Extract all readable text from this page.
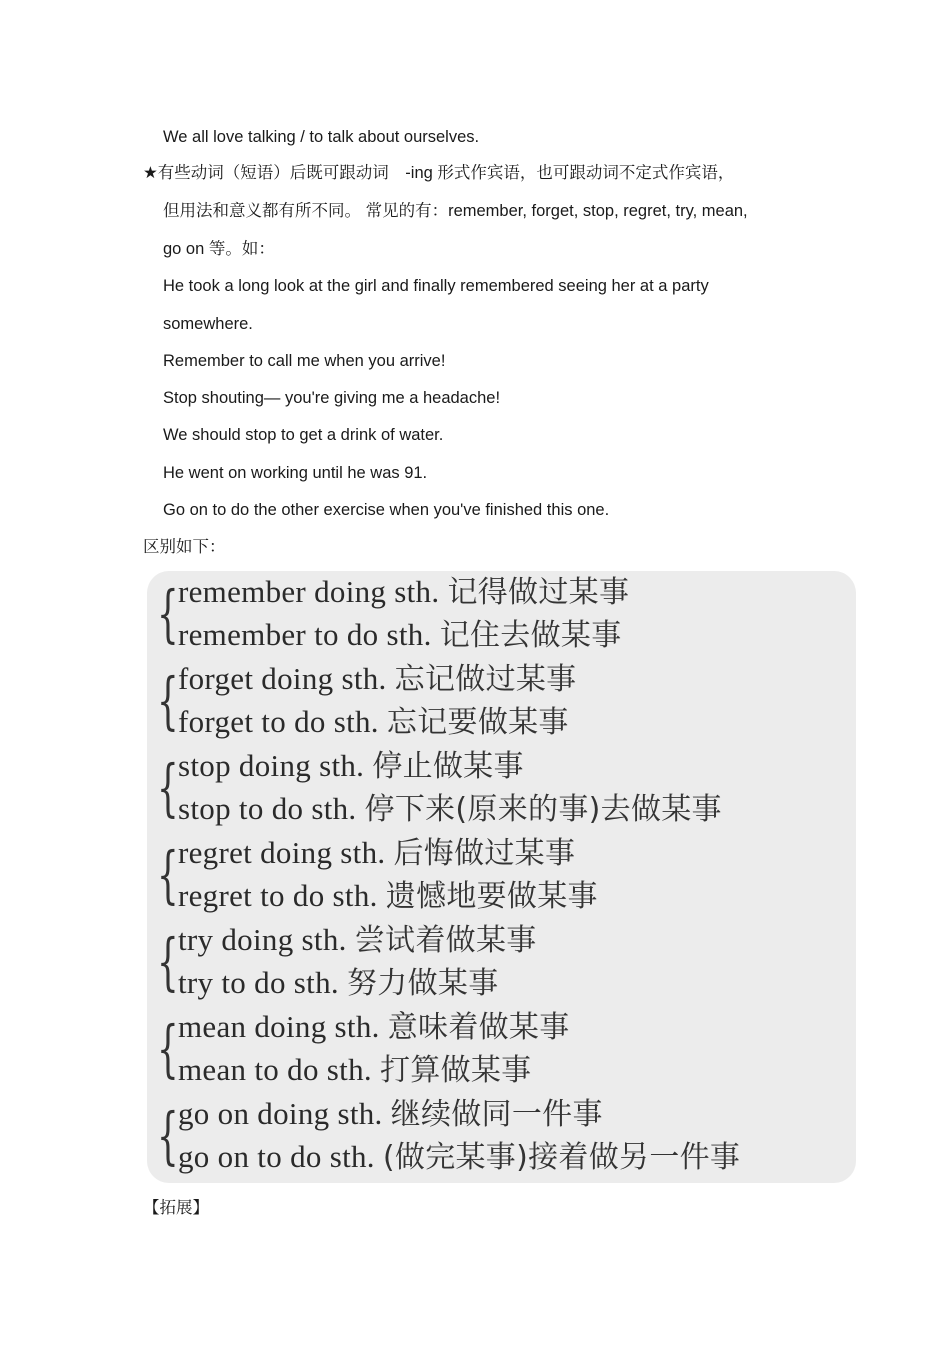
We all love talking / to talk about ourselves.
★有些动词（短语）后既可跟动词　-ing 形式作宾语，也可跟动词不定式作宾语，
但用法和意义都有所不同。 常见的有：remember, forget, stop, regret, try, mean,
go on 等。如：
He took a long look at the girl and finally remembered seeing her at a party
somewhere.
Remember to call me when you arrive!
Stop shouting— you're giving me a headache!
We should stop to get a drink of water.
He went on working until he was 91.
Go on to do the other exercise when you've finished this one.
区别如下：
{ remember doing sth. 记得做过某事
remember to do sth. 记住去做某事
{ forget doing sth. 忘记做过某事
forget to do sth. 忘记要做某事
{ stop doing sth. 停止做某事
stop to do sth. 停下来(原来的事)去做某事
{ regret doing sth. 后悔做过某事
regret to do sth. 遗憾地要做某事
{ try doing sth. 尝试着做某事
try to do sth. 努力做某事
{ mean doing sth. 意味着做某事
mean to do sth. 打算做某事
{ go on doing sth. 继续做同一件事
go on to do sth. (做完某事)接着做另一件事
【拓展】
